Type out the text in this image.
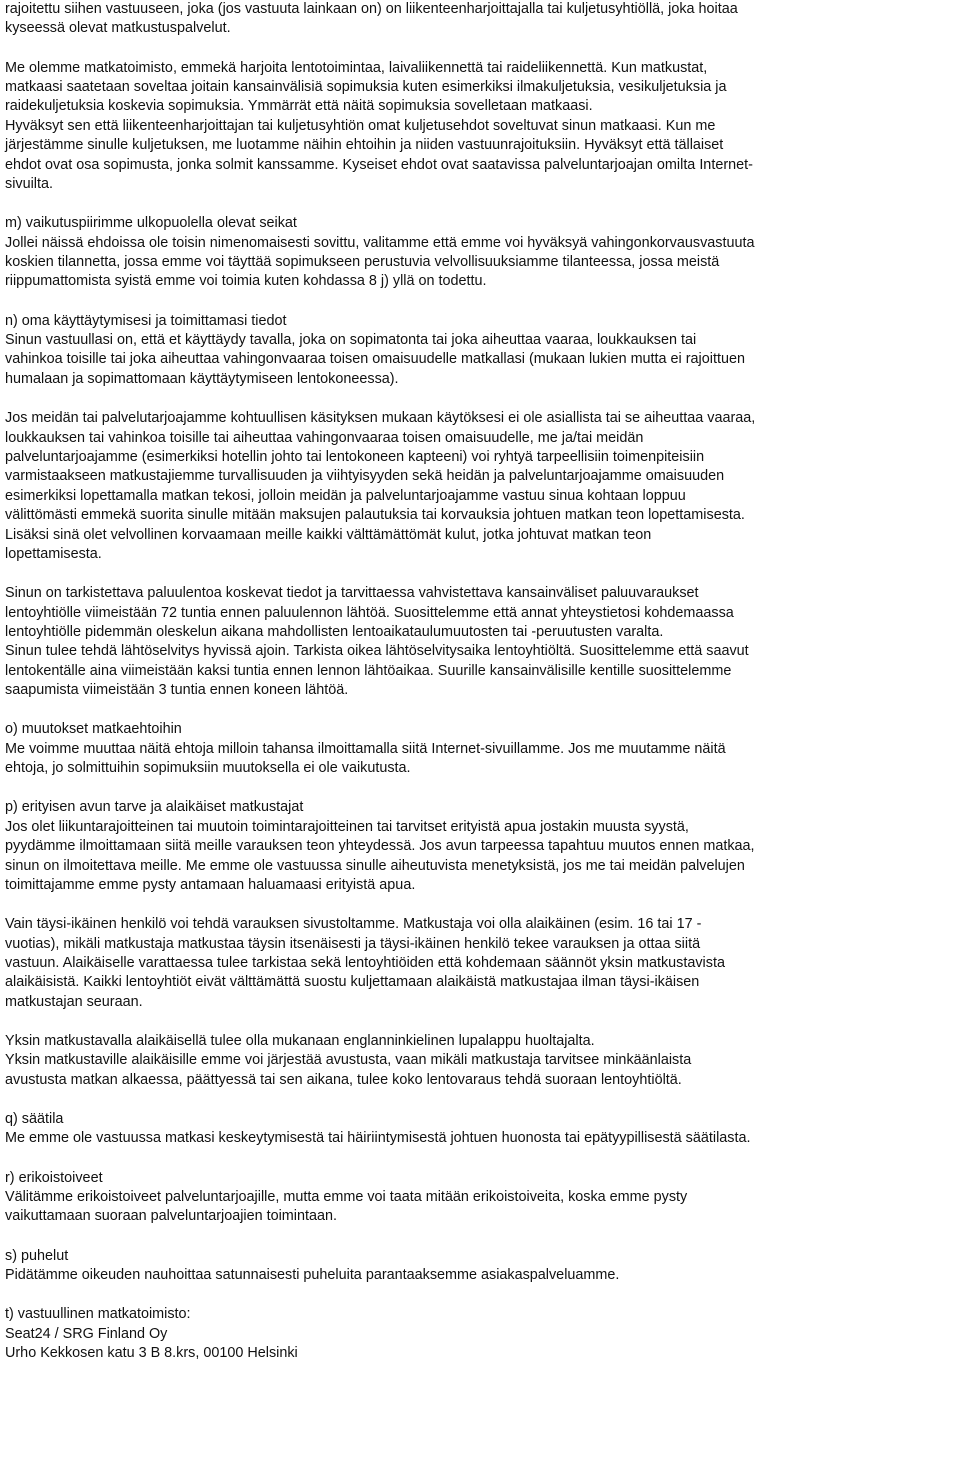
rajoitettu siihen vastuuseen, joka (jos vastuuta lainkaan on) on liikenteenharjoittajalla tai kuljetusyhtiöllä, joka hoitaa
kyseessä olevat matkustuspalvelut.

Me olemme matkatoimisto, emmekä harjoita lentotoimintaa, laivaliikennettä tai raideliikennettä. Kun matkustat,
matkaasi saatetaan soveltaa joitain kansainvälisiä sopimuksia kuten esimerkiksi ilmakuljetuksia, vesikuljetuksia ja
raidekuljetuksia koskevia sopimuksia. Ymmärrät että näitä sopimuksia sovelletaan matkaasi.
Hyväksyt sen että liikenteenharjoittajan tai kuljetusyhtiön omat kuljetusehdot soveltuvat sinun matkaasi. Kun me
järjestämme sinulle kuljetuksen, me luotamme näihin ehtoihin ja niiden vastuunrajoituksiin. Hyväksyt että tällaiset
ehdot ovat osa sopimusta, jonka solmit kanssamme. Kyseiset ehdot ovat saatavissa palveluntarjoajan omilta Internet-
sivuilta.

m) vaikutuspiirimme ulkopuolella olevat seikat
Jollei näissä ehdoissa ole toisin nimenomaisesti sovittu, valitamme että emme voi hyväksyä vahingonkorvausvastuuta
koskien tilannetta, jossa emme voi täyttää sopimukseen perustuvia velvollisuuksiamme tilanteessa, jossa meistä
riippumattomista syistä emme voi toimia kuten kohdassa 8 j) yllä on todettu.

n) oma käyttäytymisesi ja toimittamasi tiedot
Sinun vastuullasi on, että et käyttäydy tavalla, joka on sopimatonta tai joka aiheuttaa vaaraa, loukkauksen tai
vahinkoa toisille tai joka aiheuttaa vahingonvaaraa toisen omaisuudelle matkallasi (mukaan lukien mutta ei rajoittuen
humalaan ja sopimattomaan käyttäytymiseen lentokoneessa).

Jos meidän tai palvelutarjoajamme kohtuullisen käsityksen mukaan käytöksesi ei ole asiallista tai se aiheuttaa vaaraa,
loukkauksen tai vahinkoa toisille tai aiheuttaa vahingonvaaraa toisen omaisuudelle, me ja/tai meidän
palveluntarjoajamme (esimerkiksi hotellin johto tai lentokoneen kapteeni) voi ryhtyä tarpeellisiin toimenpiteisiin
varmistaakseen matkustajiemme turvallisuuden ja viihtyisyyden sekä heidän ja palveluntarjoajamme omaisuuden
esimerkiksi lopettamalla matkan tekosi, jolloin meidän ja palveluntarjoajamme vastuu sinua kohtaan loppuu
välittömästi emmekä suorita sinulle mitään maksujen palautuksia tai korvauksia johtuen matkan teon lopettamisesta.
Lisäksi sinä olet velvollinen korvaamaan meille kaikki välttämättömät kulut, jotka johtuvat matkan teon
lopettamisesta.

Sinun on tarkistettava paluulentoa koskevat tiedot ja tarvittaessa vahvistettava kansainväliset paluuvaraukset
lentoyhtiölle viimeistään 72 tuntia ennen paluulennon lähtöä. Suosittelemme että annat yhteystietosi kohdemaassa
lentoyhtiölle pidemmän oleskelun aikana mahdollisten lentoaikataulumuutosten tai -peruutusten varalta.
Sinun tulee tehdä lähtöselvitys hyvissä ajoin. Tarkista oikea lähtöselvitysaika lentoyhtiöltä. Suosittelemme että saavut
lentokentälle aina viimeistään kaksi tuntia ennen lennon lähtöaikaa. Suurille kansainvälisille kentille suosittelemme
saapumista viimeistään 3 tuntia ennen koneen lähtöä.

o) muutokset matkaehtoihin
Me voimme muuttaa näitä ehtoja milloin tahansa ilmoittamalla siitä Internet-sivuillamme. Jos me muutamme näitä
ehtoja, jo solmittuihin sopimuksiin muutoksella ei ole vaikutusta.

p) erityisen avun tarve ja alaikäiset matkustajat
Jos olet liikuntarajoitteinen tai muutoin toimintarajoitteinen tai tarvitset erityistä apua jostakin muusta syystä,
pyydämme ilmoittamaan siitä meille varauksen teon yhteydessä. Jos avun tarpeessa tapahtuu muutos ennen matkaa,
sinun on ilmoitettava meille. Me emme ole vastuussa sinulle aiheutuvista menetyksistä, jos me tai meidän palvelujen
toimittajamme emme pysty antamaan haluamaasi erityistä apua.

Vain täysi-ikäinen henkilö voi tehdä varauksen sivustoltamme. Matkustaja voi olla alaikäinen (esim. 16 tai 17 -
vuotias), mikäli matkustaja matkustaa täysin itsenäisesti ja täysi-ikäinen henkilö tekee varauksen ja ottaa siitä
vastuun. Alaikäiselle varattaessa tulee tarkistaa sekä lentoyhtiöiden että kohdemaan säännöt yksin matkustavista
alaikäisistä. Kaikki lentoyhtiöt eivät välttämättä suostu kuljettamaan alaikäistä matkustajaa ilman täysi-ikäisen
matkustajan seuraan.

Yksin matkustavalla alaikäisellä tulee olla mukanaan englanninkielinen lupalappu huoltajalta.
Yksin matkustaville alaikäisille emme voi järjestää avustusta, vaan mikäli matkustaja tarvitsee minkäänlaista
avustusta matkan alkaessa, päättyessä tai sen aikana, tulee koko lentovaraus tehdä suoraan lentoyhtiöltä.

q) säätila
Me emme ole vastuussa matkasi keskeytymisestä tai häiriintymisestä johtuen huonosta tai epätyypillisestä säätilasta.

r) erikoistoiveet
Välitämme erikoistoiveet palveluntarjoajille, mutta emme voi taata mitään erikoistoiveita, koska emme pysty
vaikuttamaan suoraan palveluntarjoajien toimintaan.

s) puhelut
Pidätämme oikeuden nauhoittaa satunnaisesti puheluita parantaaksemme asiakaspalveluamme.

t) vastuullinen matkatoimisto:
Seat24 / SRG Finland Oy
Urho Kekkosen katu 3 B 8.krs, 00100 Helsinki
